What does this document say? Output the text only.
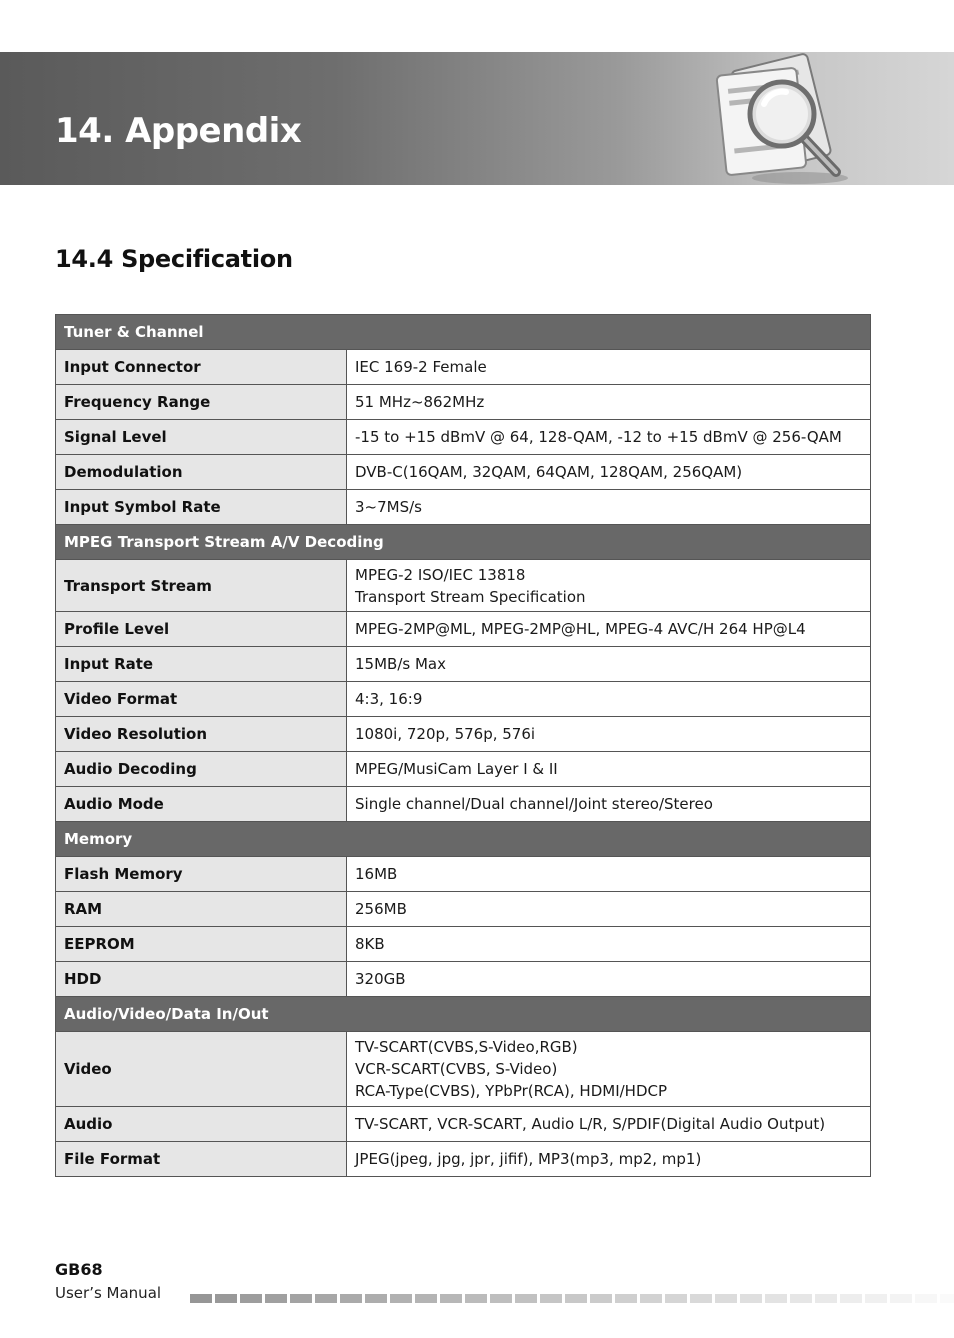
14. Appendix
14.4 Specification
Tuner & Channel	
Input Connector	IEC 169-2 Female

Frequency Range	51 MHz~862MHz

Signal Level	-15 to +15 dBmV @ 64, 128-QAM, -12 to +15 dBmV @ 256-QAM

Demodulation	DVB-C(16QAM, 32QAM, 64QAM, 128QAM, 256QAM)

Input Symbol Rate	3~7MS/s

MPEG Transport Stream A/V Decoding	
Transport Stream	MPEG-2 ISO/IEC 13818
Transport Stream Specification

Profile Level	MPEG-2MP@ML, MPEG-2MP@HL, MPEG-4 AVC/H 264 HP@L4

Input Rate	15MB/s Max

Video Format	4:3, 16:9

Video Resolution	1080i, 720p, 576p, 576i

Audio Decoding	MPEG/MusiCam Layer I & II

Audio Mode	Single channel/Dual channel/Joint stereo/Stereo

Memory	
Flash Memory	16MB

RAM	256MB

EEPROM	8KB

HDD	320GB

Audio/Video/Data In/Out	
Video	TV-SCART(CVBS,S-Video,RGB)
VCR-SCART(CVBS, S-Video)
RCA-Type(CVBS), YPbPr(RCA), HDMI/HDCP

Audio	TV-SCART, VCR-SCART, Audio L/R, S/PDIF(Digital Audio Output)

File Format	JPEG(jpeg, jpg, jpr, jifif), MP3(mp3, mp2, mp1)
GB68
User’s Manual
